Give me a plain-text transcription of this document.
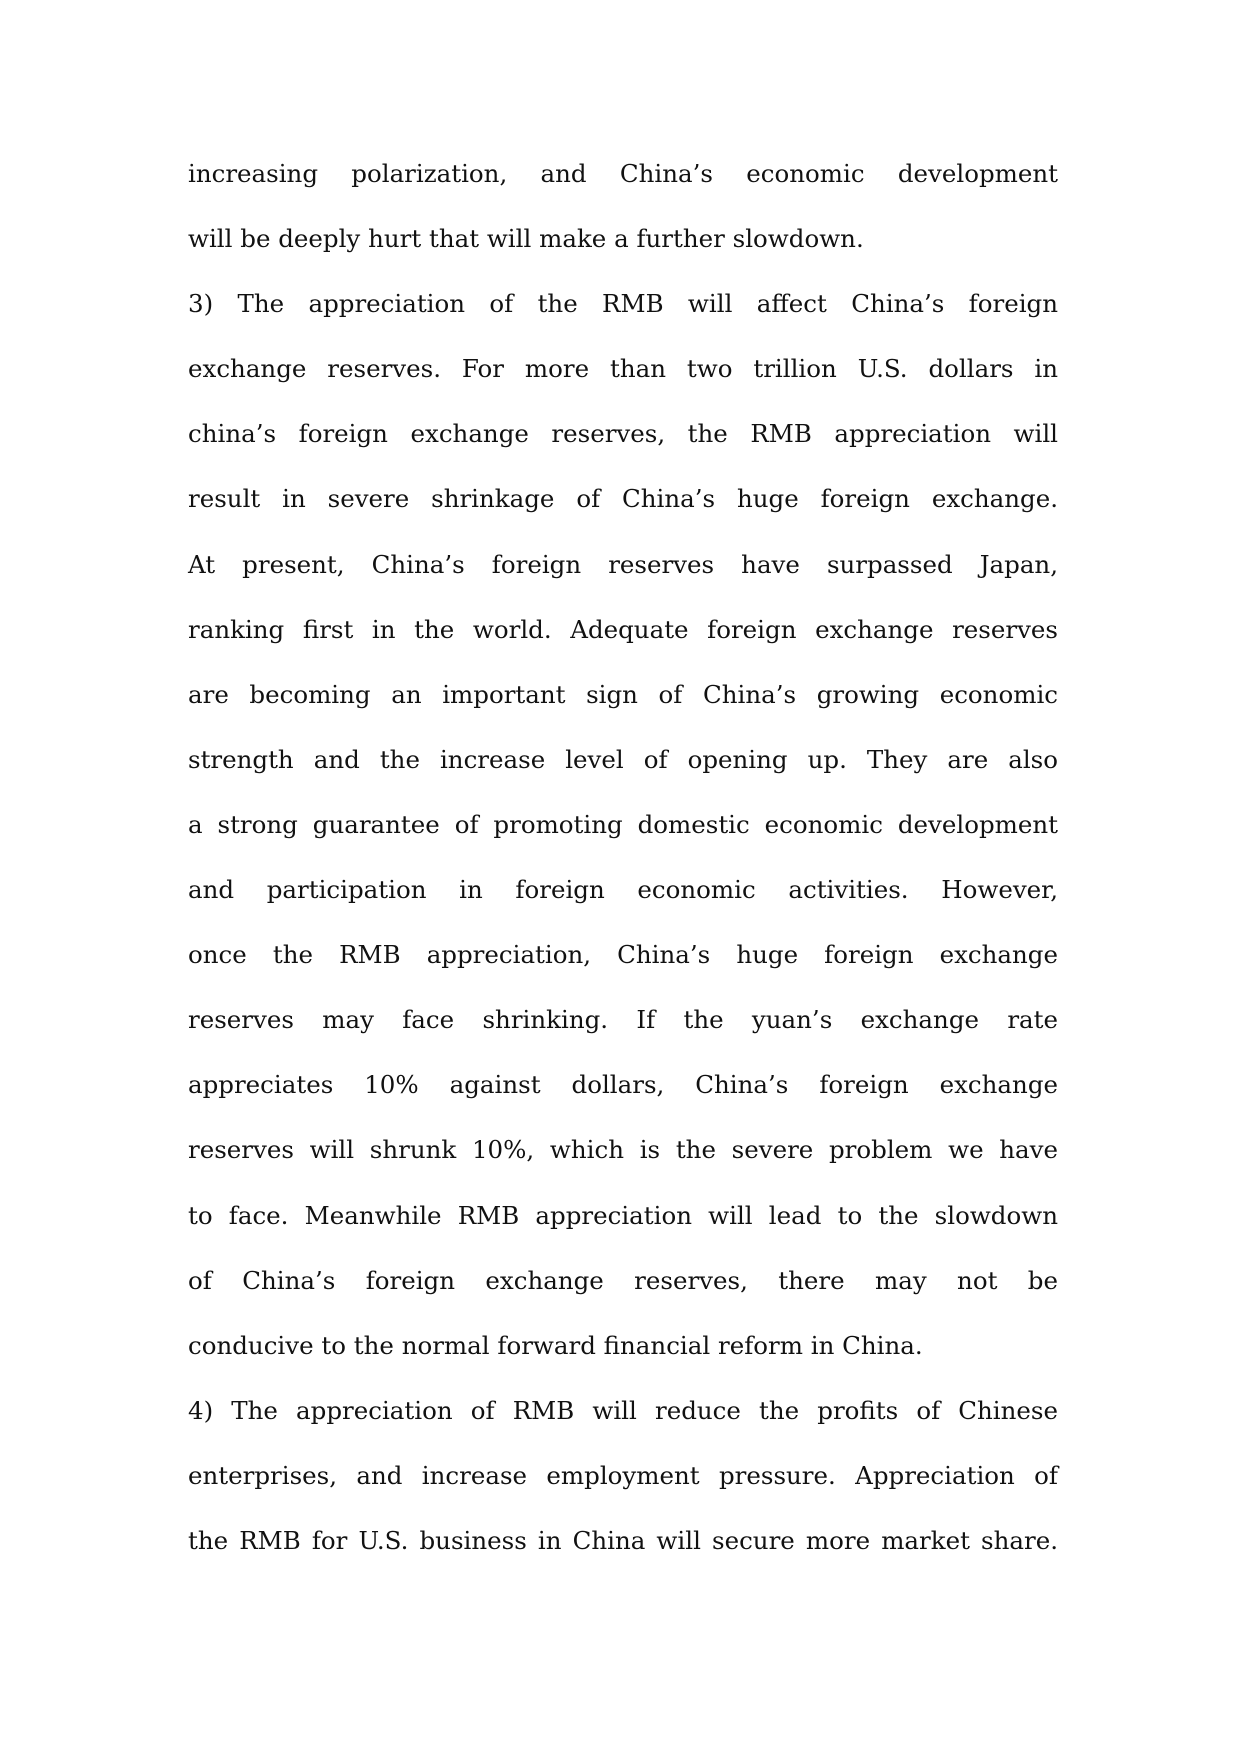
increasing polarization, and China’s economic development
will be deeply hurt that will make a further slowdown.
3) The appreciation of the RMB will affect China’s foreign
exchange reserves. For more than two trillion U.S. dollars in
china’s foreign exchange reserves, the RMB appreciation will
result in severe shrinkage of China’s huge foreign exchange.
At present, China’s foreign reserves have surpassed Japan,
ranking first in the world. Adequate foreign exchange reserves
are becoming an important sign of China’s growing economic
strength and the increase level of opening up. They are also
a strong guarantee of promoting domestic economic development
and participation in foreign economic activities. However,
once the RMB appreciation, China’s huge foreign exchange
reserves may face shrinking. If the yuan’s exchange rate
appreciates 10% against dollars, China’s foreign exchange
reserves will shrunk 10%, which is the severe problem we have
to face. Meanwhile RMB appreciation will lead to the slowdown
of China’s foreign exchange reserves, there may not be
conducive to the normal forward financial reform in China.
4) The appreciation of RMB will reduce the profits of Chinese
enterprises, and increase employment pressure. Appreciation of
the RMB for U.S. business in China will secure more market share.
